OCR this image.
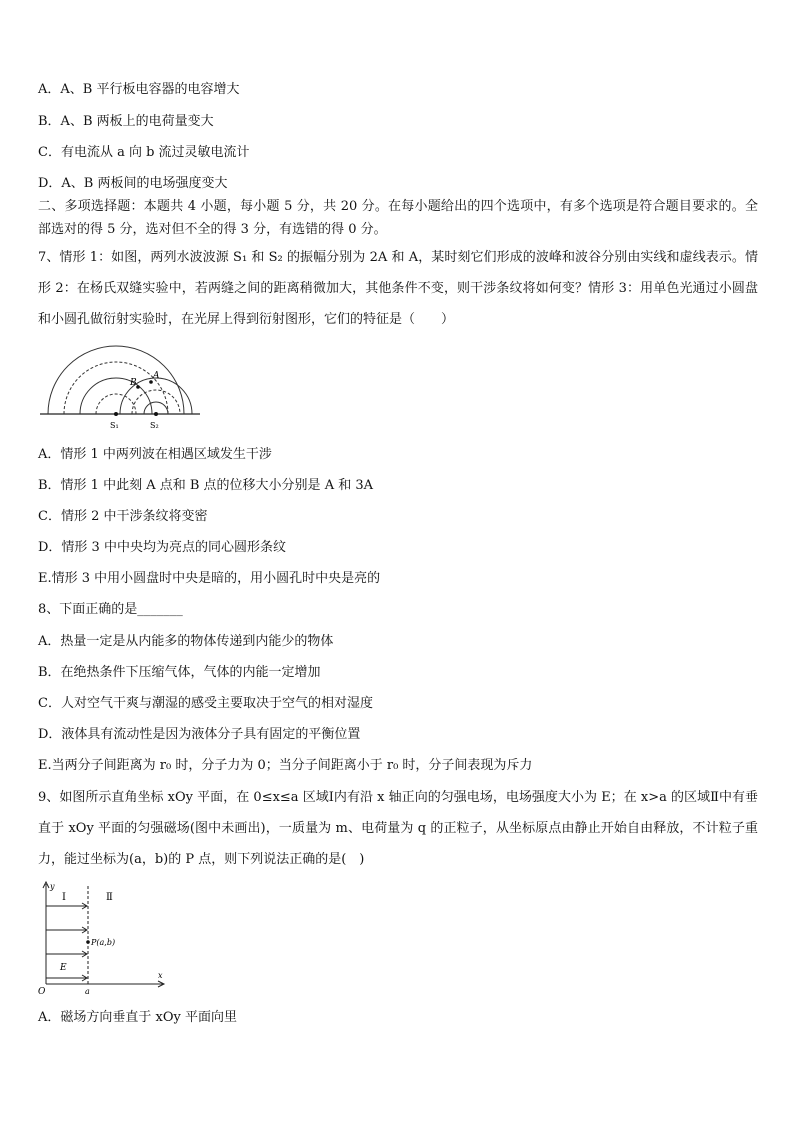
A．A、B 平行板电容器的电容增大
B．A、B 两板上的电荷量变大
C．有电流从 a 向 b 流过灵敏电流计
D．A、B 两板间的电场强度变大
二、多项选择题：本题共 4 小题，每小题 5 分，共 20 分。在每小题给出的四个选项中，有多个选项是符合题目要求的。全部选对的得 5 分，选对但不全的得 3 分，有选错的得 0 分。
7、情形 1：如图，两列水波波源 S₁ 和 S₂ 的振幅分别为 2A 和 A，某时刻它们形成的波峰和波谷分别由实线和虚线表示。情形 2：在杨氏双缝实验中，若两缝之间的距离稍微加大，其他条件不变，则干涉条纹将如何变？情形 3：用单色光通过小圆盘和小圆孔做衍射实验时，在光屏上得到衍射图形，它们的特征是（　　）
A
B
S₁	S₂
A．情形 1 中两列波在相遇区域发生干涉
B．情形 1 中此刻 A 点和 B 点的位移大小分别是 A 和 3A
C．情形 2 中干涉条纹将变密
D．情形 3 中中央均为亮点的同心圆形条纹
E.情形 3 中用小圆盘时中央是暗的，用小圆孔时中央是亮的
8、下面正确的是_______
A．热量一定是从内能多的物体传递到内能少的物体
B．在绝热条件下压缩气体，气体的内能一定增加
C．人对空气干爽与潮湿的感受主要取决于空气的相对湿度
D．液体具有流动性是因为液体分子具有固定的平衡位置
E.当两分子间距离为 r₀ 时，分子力为 0；当分子间距离小于 r₀ 时，分子间表现为斥力
9、如图所示直角坐标 xOy 平面，在 0≤x≤a 区域Ⅰ内有沿 x 轴正向的匀强电场，电场强度大小为 E；在 x>a 的区域Ⅱ中有垂直于 xOy 平面的匀强磁场(图中未画出)，一质量为 m、电荷量为 q 的正粒子，从坐标原点由静止开始自由释放，不计粒子重力，能过坐标为(a，b)的 P 点，则下列说法正确的是(　)
y
x
O	a
Ⅰ	Ⅱ
E
P(a,b)
A．磁场方向垂直于 xOy 平面向里
